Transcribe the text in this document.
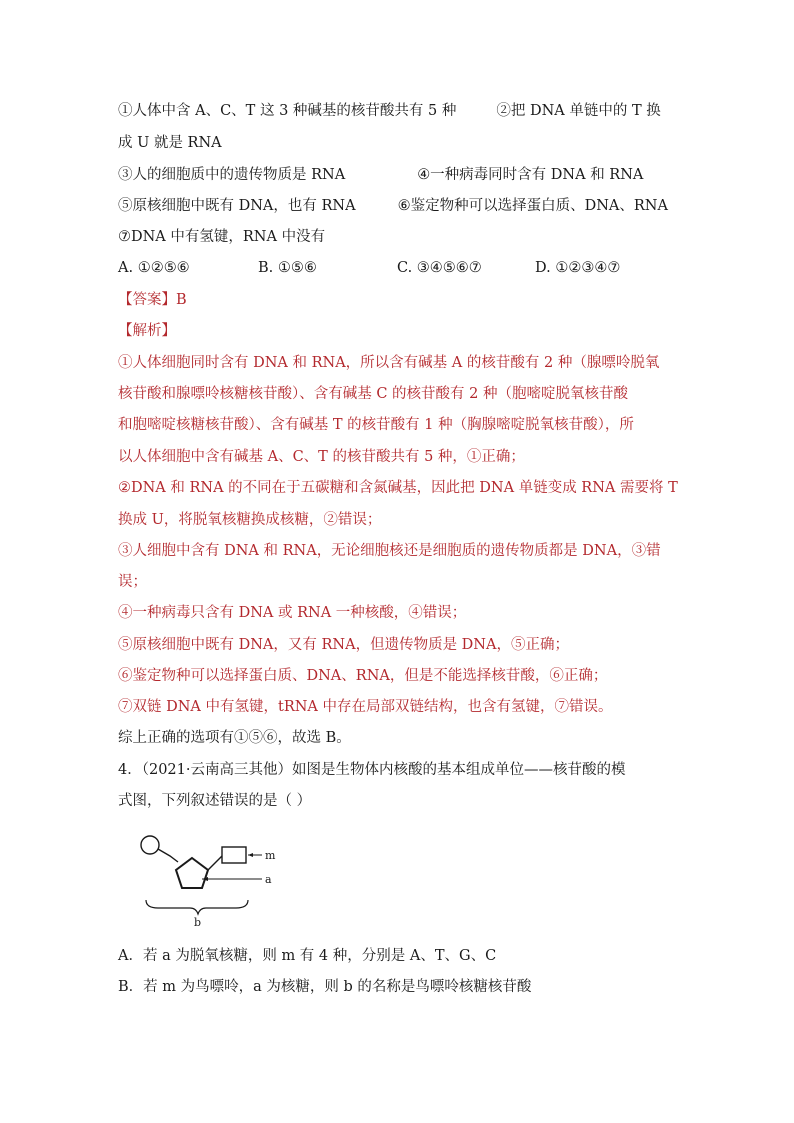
①人体中含 A、C、T 这 3 种碱基的核苷酸共有 5 种	②把 DNA 单链中的 T 换
成 U 就是 RNA
③人的细胞质中的遗传物质是 RNA	④一种病毒同时含有 DNA 和 RNA
⑤原核细胞中既有 DNA，也有 RNA	⑥鉴定物种可以选择蛋白质、DNA、RNA
⑦DNA 中有氢键，RNA 中没有
A. ①②⑤⑥	B. ①⑤⑥	C. ③④⑤⑥⑦	D. ①②③④⑦
【答案】B
【解析】
①人体细胞同时含有 DNA 和 RNA，所以含有碱基 A 的核苷酸有 2 种（腺嘌呤脱氧
核苷酸和腺嘌呤核糖核苷酸）、含有碱基 C 的核苷酸有 2 种（胞嘧啶脱氧核苷酸
和胞嘧啶核糖核苷酸）、含有碱基 T 的核苷酸有 1 种（胸腺嘧啶脱氧核苷酸），所
以人体细胞中含有碱基 A、C、T 的核苷酸共有 5 种，①正确；
②DNA 和 RNA 的不同在于五碳糖和含氮碱基，因此把 DNA 单链变成 RNA 需要将 T
换成 U，将脱氧核糖换成核糖，②错误；
③人细胞中含有 DNA 和 RNA，无论细胞核还是细胞质的遗传物质都是 DNA，③错
误；
④一种病毒只含有 DNA 或 RNA 一种核酸，④错误；
⑤原核细胞中既有 DNA，又有 RNA，但遗传物质是 DNA，⑤正确；
⑥鉴定物种可以选择蛋白质、DNA、RNA，但是不能选择核苷酸，⑥正确；
⑦双链 DNA 中有氢键，tRNA 中存在局部双链结构，也含有氢键，⑦错误。
综上正确的选项有①⑤⑥，故选 B。
4．（2021·云南高三其他）如图是生物体内核酸的基本组成单位——核苷酸的模
式图，下列叙述错误的是（ ）
m
a
b
A．若 a 为脱氧核糖，则 m 有 4 种，分别是 A、T、G、C
B．若 m 为鸟嘌呤，a 为核糖，则 b 的名称是鸟嘌呤核糖核苷酸
